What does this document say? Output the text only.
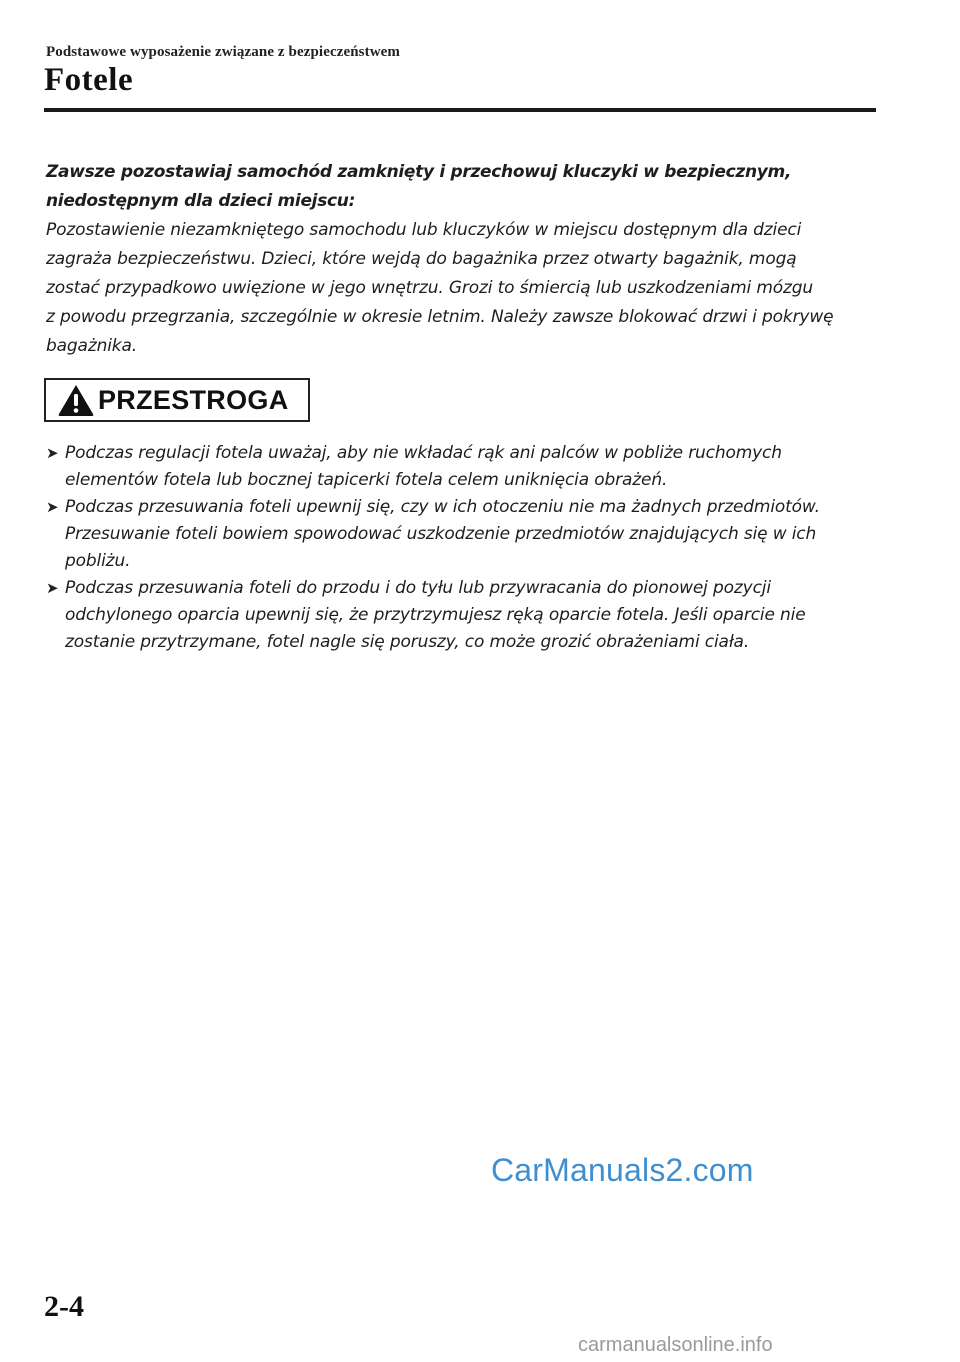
Podstawowe wyposażenie związane z bezpieczeństwem
Fotele
Zawsze pozostawiaj samochód zamknięty i przechowuj kluczyki w bezpiecznym,
niedostępnym dla dzieci miejscu:
Pozostawienie niezamkniętego samochodu lub kluczyków w miejscu dostępnym dla dzieci
zagraża bezpieczeństwu. Dzieci, które wejdą do bagażnika przez otwarty bagażnik, mogą
zostać przypadkowo uwięzione w jego wnętrzu. Grozi to śmiercią lub uszkodzeniami mózgu
z powodu przegrzania, szczególnie w okresie letnim. Należy zawsze blokować drzwi i pokrywę
bagażnika.
PRZESTROGA
➤ Podczas regulacji fotela uważaj, aby nie wkładać rąk ani palców w pobliże ruchomych
elementów fotela lub bocznej tapicerki fotela celem uniknięcia obrażeń.
➤ Podczas przesuwania foteli upewnij się, czy w ich otoczeniu nie ma żadnych przedmiotów.
Przesuwanie foteli bowiem spowodować uszkodzenie przedmiotów znajdujących się w ich
pobliżu.
➤ Podczas przesuwania foteli do przodu i do tyłu lub przywracania do pionowej pozycji
odchylonego oparcia upewnij się, że przytrzymujesz ręką oparcie fotela. Jeśli oparcie nie
zostanie przytrzymane, fotel nagle się poruszy, co może grozić obrażeniami ciała.
CarManuals2.com
2-4
carmanualsonline.info
